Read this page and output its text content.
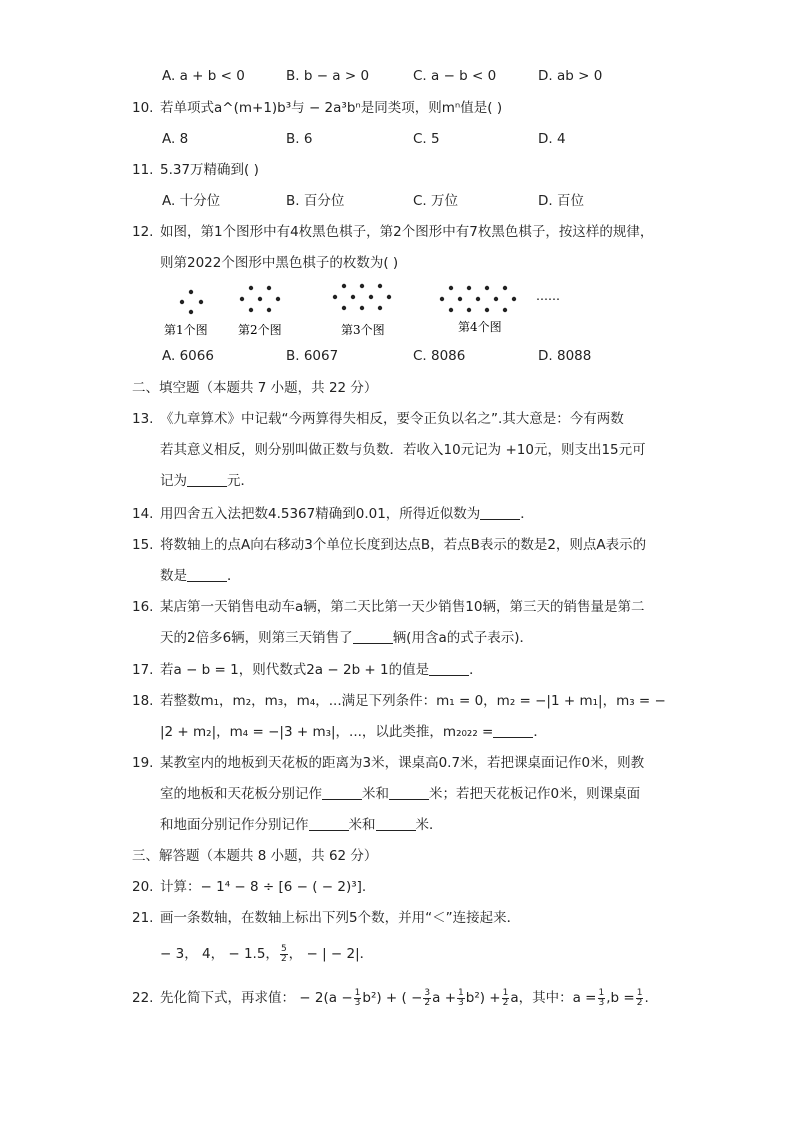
A. a + b < 0	B. b − a > 0	C. a − b < 0	D. ab > 0
10. 若单项式a^(m+1)b³与 − 2a³bⁿ是同类项，则mⁿ值是( )
A. 8	B. 6	C. 5	D. 4
11. 5.37万精确到( )
A. 十分位	B. 百分位	C. 万位	D. 百位
12. 如图，第1个图形中有4枚黑色棋子，第2个图形中有7枚黑色棋子，按这样的规律，
则第2022个图形中黑色棋子的枚数为( )
第1个图	第2个图	第3个图	第4个图
……
A. 6066	B. 6067	C. 8086	D. 8088
二、填空题（本题共 7 小题，共 22 分）
13. 《九章算术》中记载“今两算得失相反，要令正负以名之”.其大意是：今有两数
若其意义相反，则分别叫做正数与负数．若收入10元记为 +10元，则支出15元可
记为	元．
14. 用四舍五入法把数4.5367精确到0.01，所得近似数为	．
15. 将数轴上的点A向右移动3个单位长度到达点B，若点B表示的数是2，则点A表示的
数是	．
16. 某店第一天销售电动车a辆，第二天比第一天少销售10辆，第三天的销售量是第二
天的2倍多6辆，则第三天销售了	辆(用含a的式子表示)．
17. 若a − b = 1，则代数式2a − 2b + 1的值是	．
18. 若整数m₁，m₂，m₃，m₄，...满足下列条件：m₁ = 0，m₂ = −|1 + m₁|，m₃ = −
|2 + m₂|，m₄ = −|3 + m₃|，...，以此类推，m₂₀₂₂ =	．
19. 某教室内的地板到天花板的距离为3米，课桌高0.7米，若把课桌面记作0米，则教
室的地板和天花板分别记作	米和	米；若把天花板记作0米，则课桌面
和地面分别记作分别记作	米和	米．
三、解答题（本题共 8 小题，共 62 分）
20. 计算：− 1⁴ − 8 ÷ [6 − ( − 2)³].
21. 画一条数轴，在数轴上标出下列5个数，并用“＜”连接起来．
− 3， 4， − 1.5， $\frac{5}{2}$ ， − | − 2|．
22. 先化简下式，再求值： − $2(a - \frac{1}{3} b^2)$ + ( − $\frac{3}{2}$ $a + \frac{1}{3} b^2) + \frac{1}{2}$ a，其中：$a = \frac{1}{3} ,b = \frac{1}{2}$ .
